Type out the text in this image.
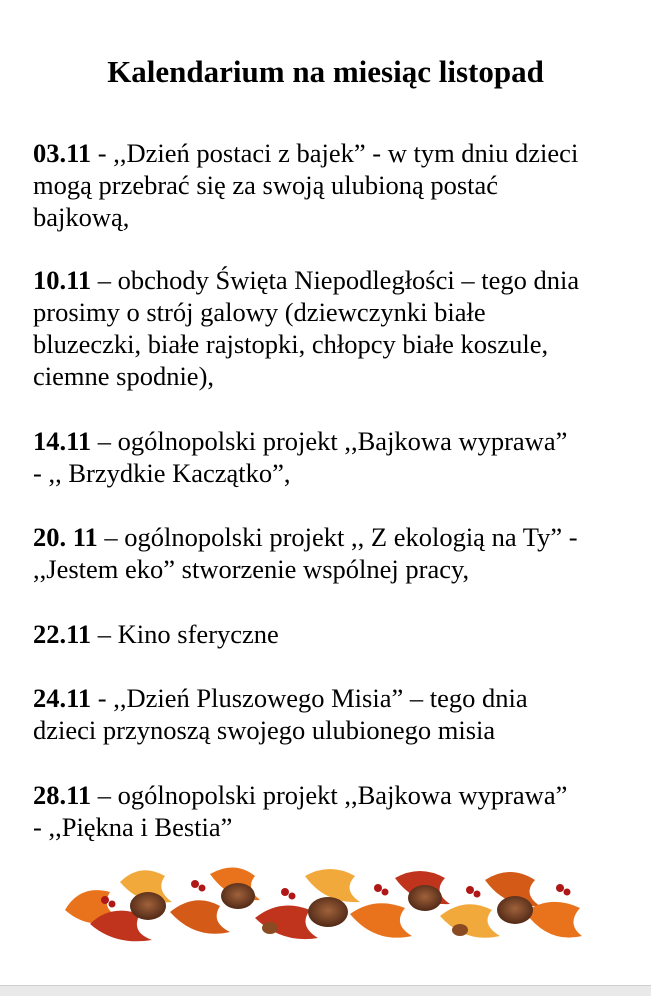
Kalendarium na miesiąc listopad

03.11 - ,,Dzień postaci z bajek” - w tym dniu dzieci
mogą przebrać się za swoją ulubioną postać
bajkową,

10.11 – obchody Święta Niepodległości – tego dnia
prosimy o strój galowy (dziewczynki białe
bluzeczki, białe rajstopki, chłopcy białe koszule,
ciemne spodnie),

14.11 – ogólnopolski projekt ,,Bajkowa wyprawa”
- ,, Brzydkie Kaczątko”,

20. 11 – ogólnopolski projekt ,, Z ekologią na Ty” -
,,Jestem eko” stworzenie wspólnej pracy,

22.11 – Kino sferyczne

24.11 - ,,Dzień Pluszowego Misia” – tego dnia
dzieci przynoszą swojego ulubionego misia

28.11 – ogólnopolski projekt ,,Bajkowa wyprawa”
- ,,Piękna i Bestia”
